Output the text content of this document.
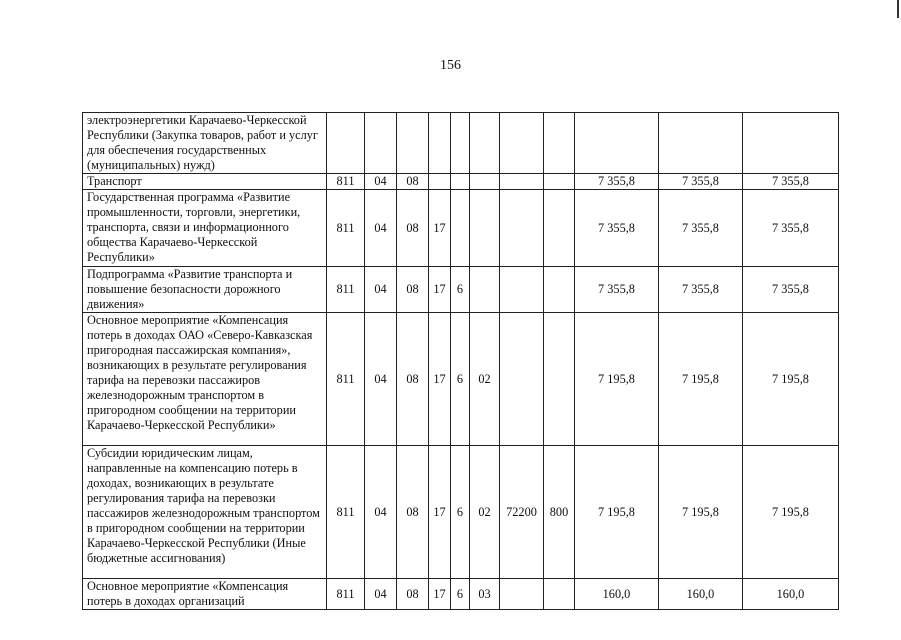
156
электроэнергетики Карачаево-Черкесской Республики (Закупка товаров, работ и услуг для обеспечения государственных (муниципальных) нужд)											
Транспорт	811	04	08						7 355,8	7 355,8	7 355,8
Государственная программа «Развитие промышленности, торговли, энергетики, транспорта, связи и информационного общества Карачаево-Черкесской Республики»	811	04	08	17					7 355,8	7 355,8	7 355,8
Подпрограмма «Развитие транспорта и повышение безопасности дорожного движения»	811	04	08	17	6				7 355,8	7 355,8	7 355,8
Основное мероприятие «Компенсация потерь в доходах ОАО «Северо-Кавказская пригородная пассажирская компания», возникающих в результате регулирования тарифа на перевозки пассажиров железнодорожным транспортом в пригородном сообщении на территории Карачаево-Черкесской Республики»	811	04	08	17	6	02			7 195,8	7 195,8	7 195,8
Субсидии юридическим лицам, направленные на компенсацию потерь в доходах, возникающих в результате регулирования тарифа на перевозки пассажиров железнодорожным транспортом в пригородном сообщении на территории Карачаево-Черкесской Республики (Иные бюджетные ассигнования)	811	04	08	17	6	02	72200	800	7 195,8	7 195,8	7 195,8
Основное мероприятие «Компенсация потерь в доходах организаций	811	04	08	17	6	03			160,0	160,0	160,0
